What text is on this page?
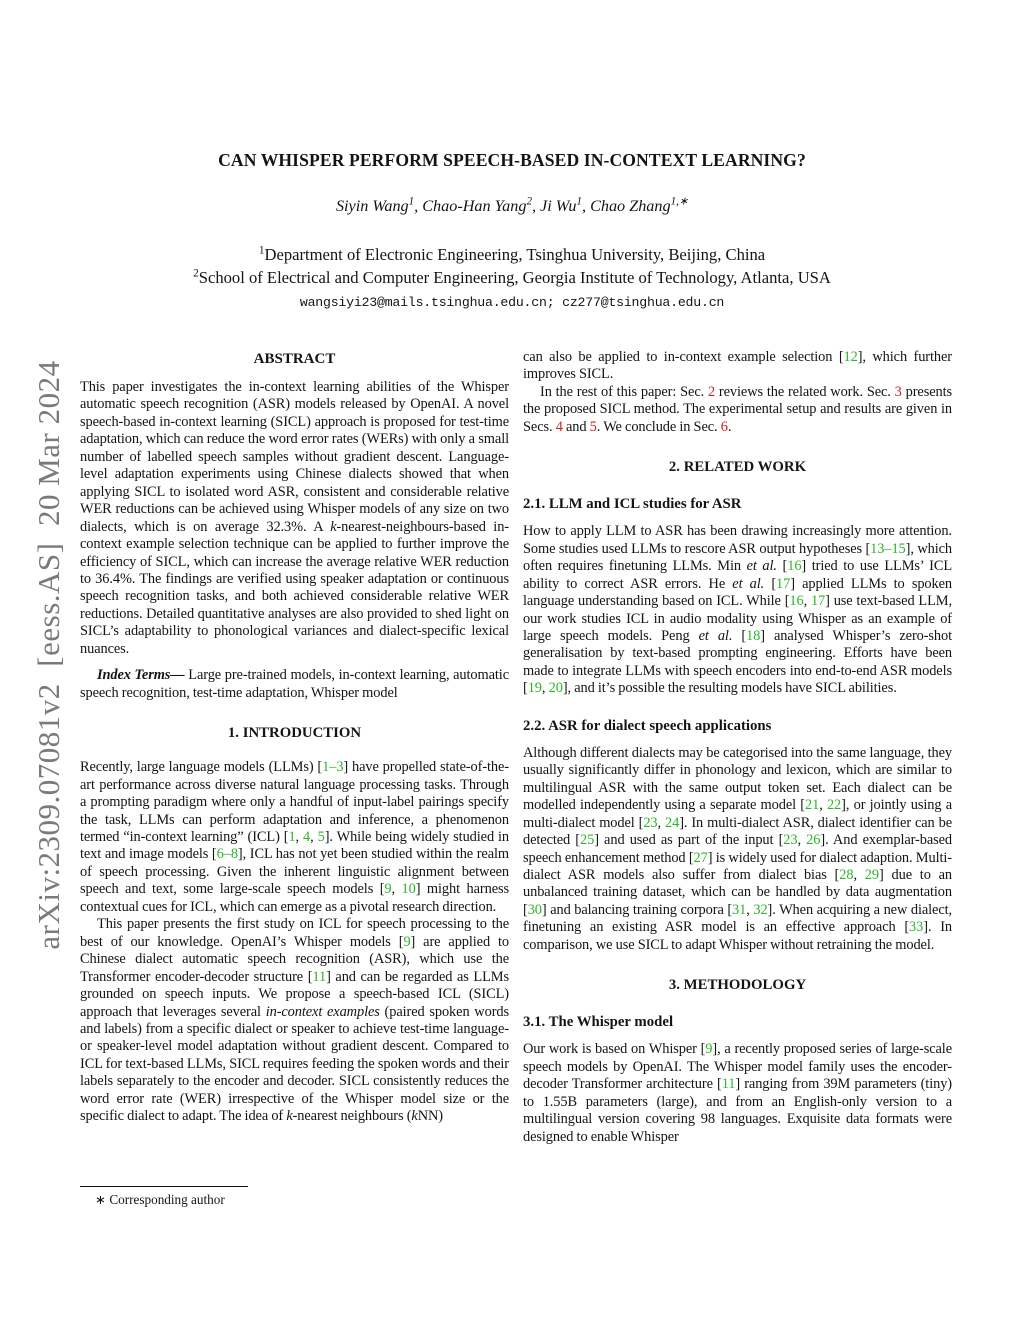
arXiv:2309.07081v2  [eess.AS]  20 Mar 2024
CAN WHISPER PERFORM SPEECH-BASED IN-CONTEXT LEARNING?
Siyin Wang$^1$, Chao-Han Yang$^2$, Ji Wu$^1$, Chao Zhang$^{1,∗}$
$^1$Department of Electronic Engineering, Tsinghua University, Beijing, China
$^2$School of Electrical and Computer Engineering, Georgia Institute of Technology, Atlanta, USA
wangsiyi23@mails.tsinghua.edu.cn; cz277@tsinghua.edu.cn
ABSTRACT

This paper investigates the in-context learning abilities of the Whisper automatic speech recognition (ASR) models released by OpenAI. A novel speech-based in-context learning (SICL) approach is proposed for test-time adaptation, which can reduce the word error rates (WERs) with only a small number of labelled speech samples without gradient descent. Language-level adaptation experiments using Chinese dialects showed that when applying SICL to isolated word ASR, consistent and considerable relative WER reductions can be achieved using Whisper models of any size on two dialects, which is on average 32.3%. A k-nearest-neighbours-based in-context example selection technique can be applied to further improve the efficiency of SICL, which can increase the average relative WER reduction to 36.4%. The findings are verified using speaker adaptation or continuous speech recognition tasks, and both achieved considerable relative WER reductions. Detailed quantitative analyses are also provided to shed light on SICL’s adaptability to phonological variances and dialect-specific lexical nuances.

Index Terms— Large pre-trained models, in-context learning, automatic speech recognition, test-time adaptation, Whisper model

1. INTRODUCTION

Recently, large language models (LLMs) [1–3] have propelled state-of-the-art performance across diverse natural language processing tasks. Through a prompting paradigm where only a handful of input-label pairings specify the task, LLMs can perform adaptation and inference, a phenomenon termed “in-context learning” (ICL) [1, 4, 5]. While being widely studied in text and image models [6–8], ICL has not yet been studied within the realm of speech processing. Given the inherent linguistic alignment between speech and text, some large-scale speech models [9, 10] might harness contextual cues for ICL, which can emerge as a pivotal research direction.

This paper presents the first study on ICL for speech processing to the best of our knowledge. OpenAI’s Whisper models [9] are applied to Chinese dialect automatic speech recognition (ASR), which use the Transformer encoder-decoder structure [11] and can be regarded as LLMs grounded on speech inputs. We propose a speech-based ICL (SICL) approach that leverages several in-context examples (paired spoken words and labels) from a specific dialect or speaker to achieve test-time language- or speaker-level model adaptation without gradient descent. Compared to ICL for text-based LLMs, SICL requires feeding the spoken words and their labels separately to the encoder and decoder. SICL consistently reduces the word error rate (WER) irrespective of the Whisper model size or the specific dialect to adapt. The idea of k-nearest neighbours (kNN)

can also be applied to in-context example selection [12], which further improves SICL.

In the rest of this paper: Sec. 2 reviews the related work. Sec. 3 presents the proposed SICL method. The experimental setup and results are given in Secs. 4 and 5. We conclude in Sec. 6.

2. RELATED WORK
2.1. LLM and ICL studies for ASR

How to apply LLM to ASR has been drawing increasingly more attention. Some studies used LLMs to rescore ASR output hypotheses [13–15], which often requires finetuning LLMs. Min et al. [16] tried to use LLMs’ ICL ability to correct ASR errors. He et al. [17] applied LLMs to spoken language understanding based on ICL. While [16, 17] use text-based LLM, our work studies ICL in audio modality using Whisper as an example of large speech models. Peng et al. [18] analysed Whisper’s zero-shot generalisation by text-based prompting engineering. Efforts have been made to integrate LLMs with speech encoders into end-to-end ASR models [19, 20], and it’s possible the resulting models have SICL abilities.

2.2. ASR for dialect speech applications

Although different dialects may be categorised into the same language, they usually significantly differ in phonology and lexicon, which are similar to multilingual ASR with the same output token set. Each dialect can be modelled independently using a separate model [21, 22], or jointly using a multi-dialect model [23, 24]. In multi-dialect ASR, dialect identifier can be detected [25] and used as part of the input [23, 26]. And exemplar-based speech enhancement method [27] is widely used for dialect adaption. Multi-dialect ASR models also suffer from dialect bias [28, 29] due to an unbalanced training dataset, which can be handled by data augmentation [30] and balancing training corpora [31, 32]. When acquiring a new dialect, finetuning an existing ASR model is an effective approach [33]. In comparison, we use SICL to adapt Whisper without retraining the model.

3. METHODOLOGY
3.1. The Whisper model

Our work is based on Whisper [9], a recently proposed series of large-scale speech models by OpenAI. The Whisper model family uses the encoder-decoder Transformer architecture [11] ranging from 39M parameters (tiny) to 1.55B parameters (large), and from an English-only version to a multilingual version covering 98 languages. Exquisite data formats were designed to enable Whisper

∗ Corresponding author
